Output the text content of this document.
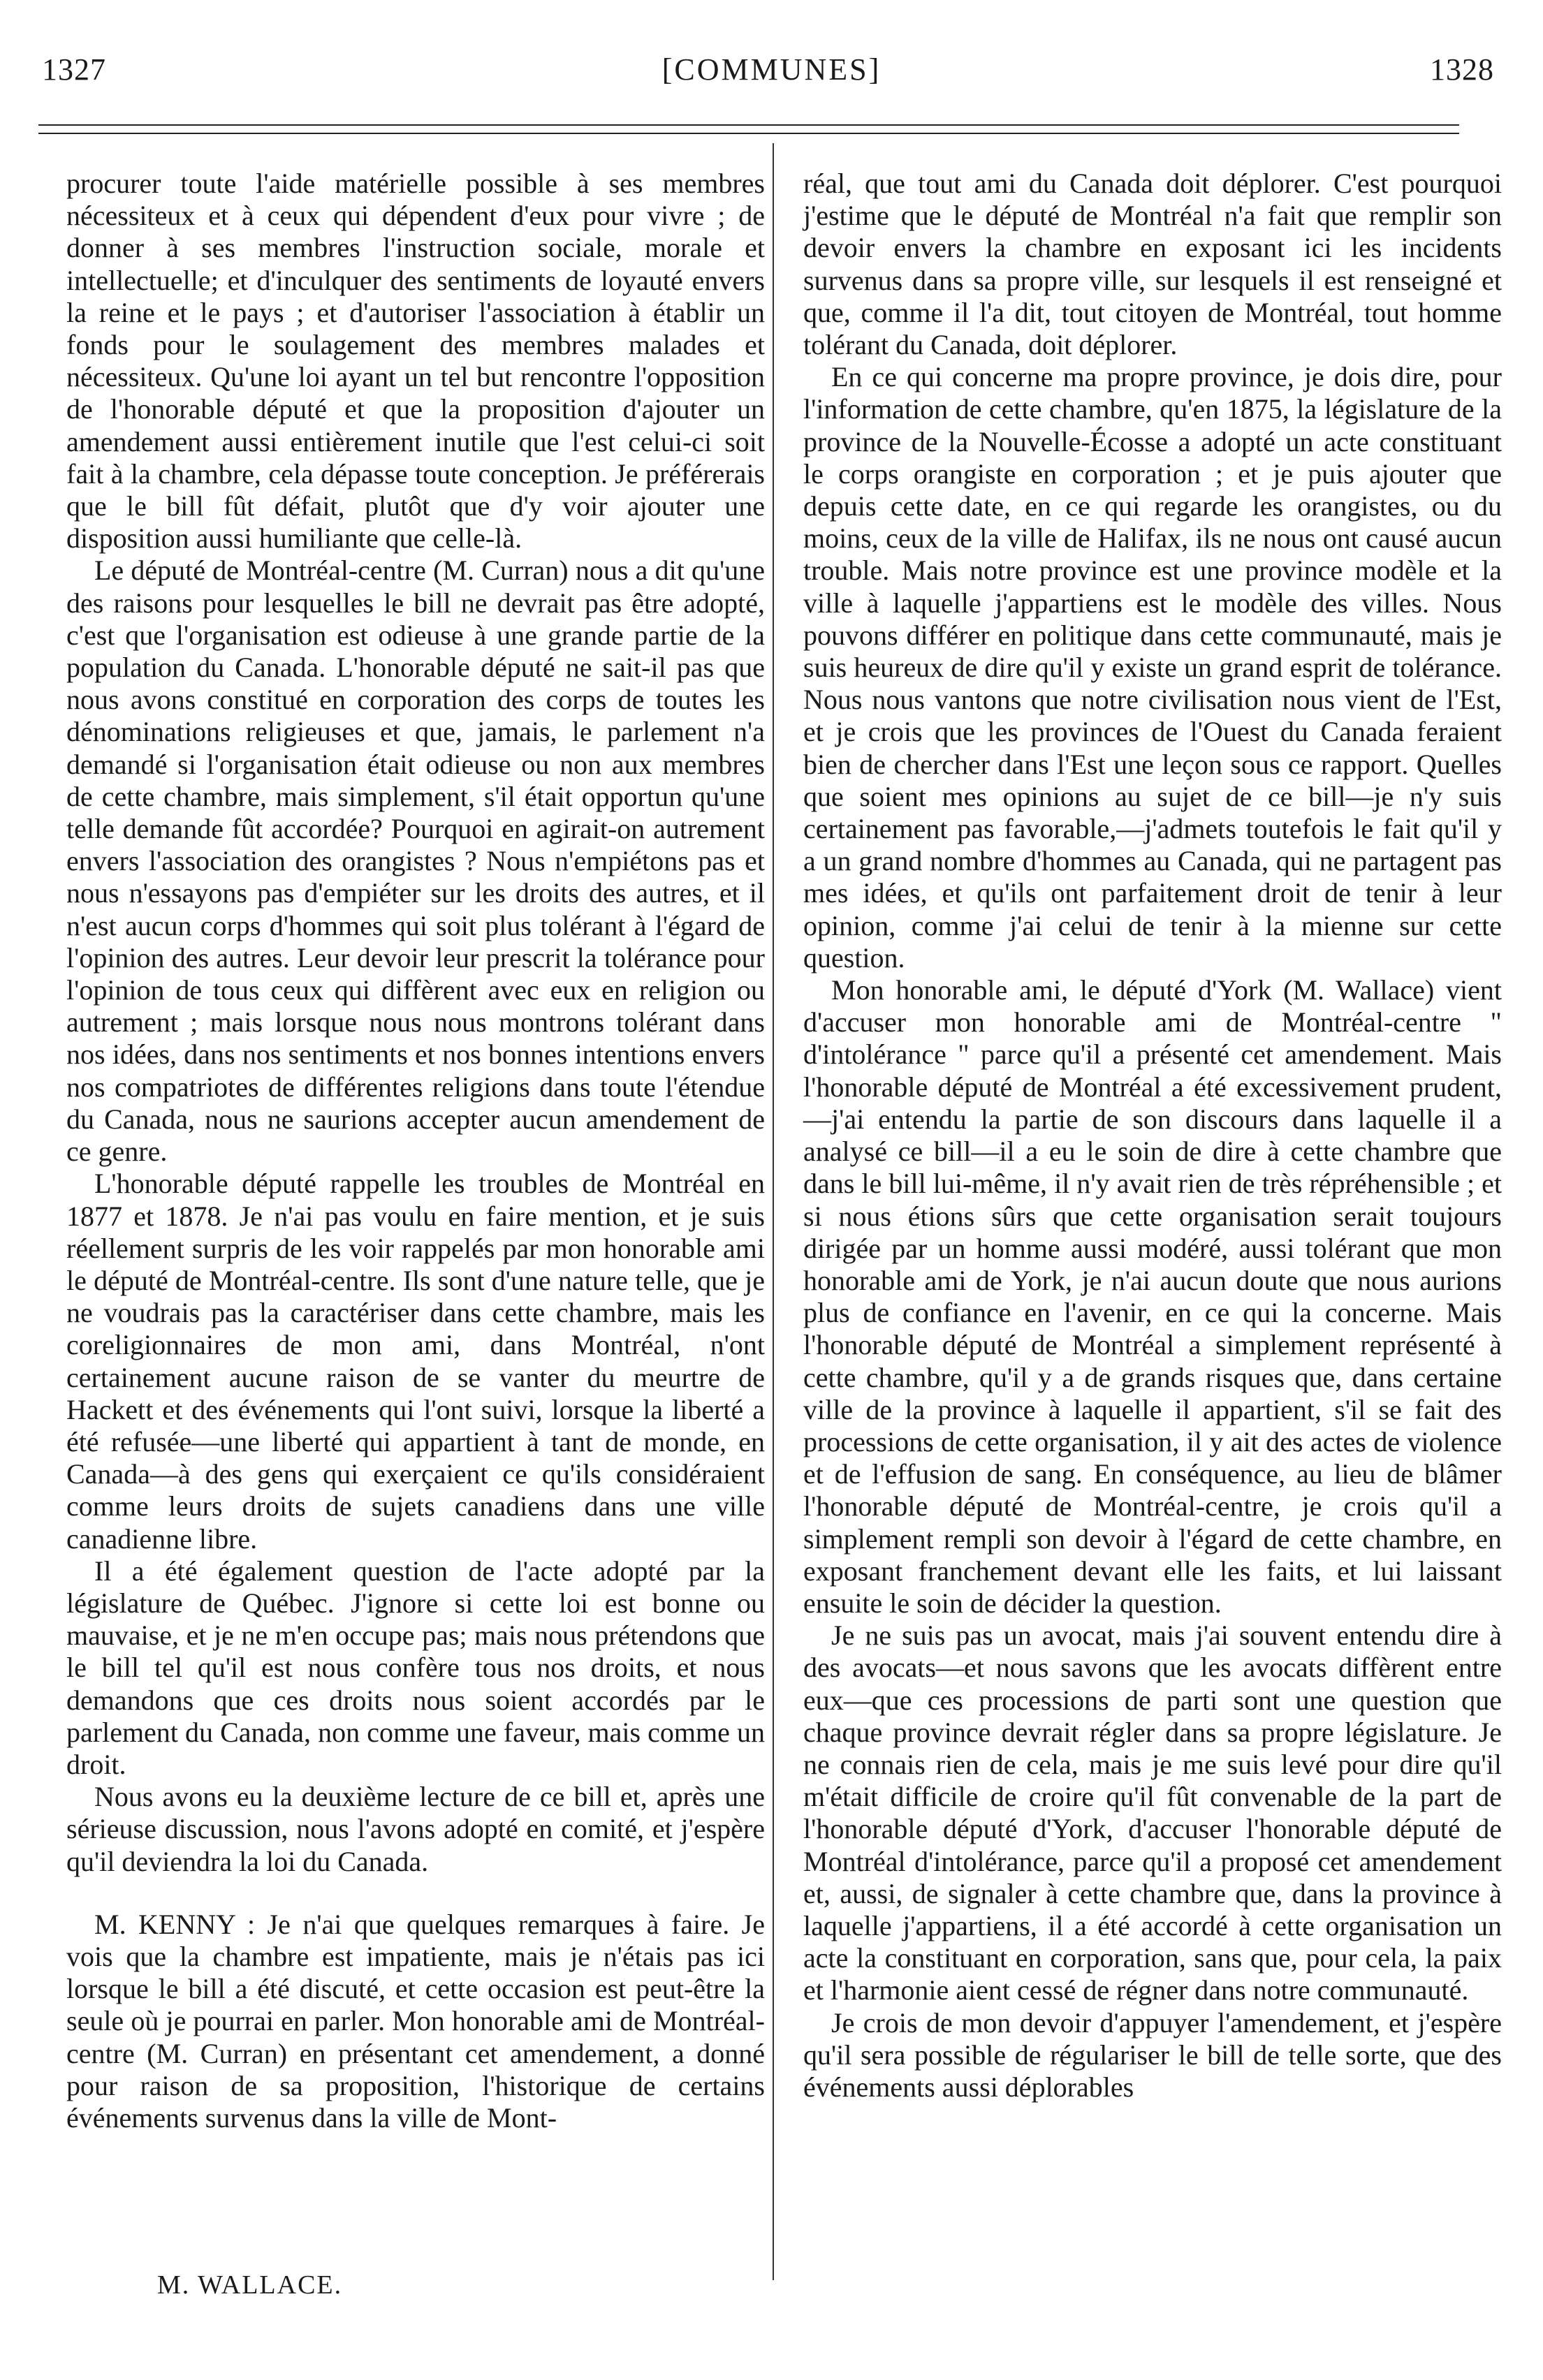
1327	[COMMUNES]	1328

procurer toute l'aide matérielle possible à ses membres nécessiteux et à ceux qui dépendent d'eux pour vivre ; de donner à ses membres l'instruction sociale, morale et intellectuelle; et d'inculquer des sentiments de loyauté envers la reine et le pays ; et d'autoriser l'association à établir un fonds pour le soulagement des membres malades et nécessiteux. Qu'une loi ayant un tel but rencontre l'opposition de l'honorable député et que la proposition d'ajouter un amendement aussi entièrement inutile que l'est celui-ci soit fait à la chambre, cela dépasse toute conception. Je préférerais que le bill fût défait, plutôt que d'y voir ajouter une disposition aussi humiliante que celle-là.

Le député de Montréal-centre (M. Curran) nous a dit qu'une des raisons pour lesquelles le bill ne devrait pas être adopté, c'est que l'organisation est odieuse à une grande partie de la population du Canada. L'honorable député ne sait-il pas que nous avons constitué en corporation des corps de toutes les dénominations religieuses et que, jamais, le parlement n'a demandé si l'organisation était odieuse ou non aux membres de cette chambre, mais simplement, s'il était opportun qu'une telle demande fût accordée? Pourquoi en agirait-on autrement envers l'association des orangistes ? Nous n'empiétons pas et nous n'essayons pas d'empiéter sur les droits des autres, et il n'est aucun corps d'hommes qui soit plus tolérant à l'égard de l'opinion des autres. Leur devoir leur prescrit la tolérance pour l'opinion de tous ceux qui diffèrent avec eux en religion ou autrement ; mais lorsque nous nous montrons tolérant dans nos idées, dans nos sentiments et nos bonnes intentions envers nos compatriotes de différentes religions dans toute l'étendue du Canada, nous ne saurions accepter aucun amendement de ce genre.

L'honorable député rappelle les troubles de Montréal en 1877 et 1878. Je n'ai pas voulu en faire mention, et je suis réellement surpris de les voir rappelés par mon honorable ami le député de Montréal-centre. Ils sont d'une nature telle, que je ne voudrais pas la caractériser dans cette chambre, mais les coreligionnaires de mon ami, dans Montréal, n'ont certainement aucune raison de se vanter du meurtre de Hackett et des événements qui l'ont suivi, lorsque la liberté a été refusée—une liberté qui appartient à tant de monde, en Canada—à des gens qui exerçaient ce qu'ils considéraient comme leurs droits de sujets canadiens dans une ville canadienne libre.

Il a été également question de l'acte adopté par la législature de Québec. J'ignore si cette loi est bonne ou mauvaise, et je ne m'en occupe pas; mais nous prétendons que le bill tel qu'il est nous confère tous nos droits, et nous demandons que ces droits nous soient accordés par le parlement du Canada, non comme une faveur, mais comme un droit.

Nous avons eu la deuxième lecture de ce bill et, après une sérieuse discussion, nous l'avons adopté en comité, et j'espère qu'il deviendra la loi du Canada.

M. KENNY : Je n'ai que quelques remarques à faire. Je vois que la chambre est impatiente, mais je n'étais pas ici lorsque le bill a été discuté, et cette occasion est peut-être la seule où je pourrai en parler. Mon honorable ami de Montréal-centre (M. Curran) en présentant cet amendement, a donné pour raison de sa proposition, l'historique de certains événements survenus dans la ville de Mont-

réal, que tout ami du Canada doit déplorer. C'est pourquoi j'estime que le député de Montréal n'a fait que remplir son devoir envers la chambre en exposant ici les incidents survenus dans sa propre ville, sur lesquels il est renseigné et que, comme il l'a dit, tout citoyen de Montréal, tout homme tolérant du Canada, doit déplorer.

En ce qui concerne ma propre province, je dois dire, pour l'information de cette chambre, qu'en 1875, la législature de la province de la Nouvelle-Écosse a adopté un acte constituant le corps orangiste en corporation ; et je puis ajouter que depuis cette date, en ce qui regarde les orangistes, ou du moins, ceux de la ville de Halifax, ils ne nous ont causé aucun trouble. Mais notre province est une province modèle et la ville à laquelle j'appartiens est le modèle des villes. Nous pouvons différer en politique dans cette communauté, mais je suis heureux de dire qu'il y existe un grand esprit de tolérance. Nous nous vantons que notre civilisation nous vient de l'Est, et je crois que les provinces de l'Ouest du Canada feraient bien de chercher dans l'Est une leçon sous ce rapport. Quelles que soient mes opinions au sujet de ce bill—je n'y suis certainement pas favorable,—j'admets toutefois le fait qu'il y a un grand nombre d'hommes au Canada, qui ne partagent pas mes idées, et qu'ils ont parfaitement droit de tenir à leur opinion, comme j'ai celui de tenir à la mienne sur cette question.

Mon honorable ami, le député d'York (M. Wallace) vient d'accuser mon honorable ami de Montréal-centre " d'intolérance " parce qu'il a présenté cet amendement. Mais l'honorable député de Montréal a été excessivement prudent,—j'ai entendu la partie de son discours dans laquelle il a analysé ce bill—il a eu le soin de dire à cette chambre que dans le bill lui-même, il n'y avait rien de très répréhensible ; et si nous étions sûrs que cette organisation serait toujours dirigée par un homme aussi modéré, aussi tolérant que mon honorable ami de York, je n'ai aucun doute que nous aurions plus de confiance en l'avenir, en ce qui la concerne. Mais l'honorable député de Montréal a simplement représenté à cette chambre, qu'il y a de grands risques que, dans certaine ville de la province à laquelle il appartient, s'il se fait des processions de cette organisation, il y ait des actes de violence et de l'effusion de sang. En conséquence, au lieu de blâmer l'honorable député de Montréal-centre, je crois qu'il a simplement rempli son devoir à l'égard de cette chambre, en exposant franchement devant elle les faits, et lui laissant ensuite le soin de décider la question.

Je ne suis pas un avocat, mais j'ai souvent entendu dire à des avocats—et nous savons que les avocats diffèrent entre eux—que ces processions de parti sont une question que chaque province devrait régler dans sa propre législature. Je ne connais rien de cela, mais je me suis levé pour dire qu'il m'était difficile de croire qu'il fût convenable de la part de l'honorable député d'York, d'accuser l'honorable député de Montréal d'intolérance, parce qu'il a proposé cet amendement et, aussi, de signaler à cette chambre que, dans la province à laquelle j'appartiens, il a été accordé à cette organisation un acte la constituant en corporation, sans que, pour cela, la paix et l'harmonie aient cessé de régner dans notre communauté.

Je crois de mon devoir d'appuyer l'amendement, et j'espère qu'il sera possible de régulariser le bill de telle sorte, que des événements aussi déplorables

M. WALLACE.
